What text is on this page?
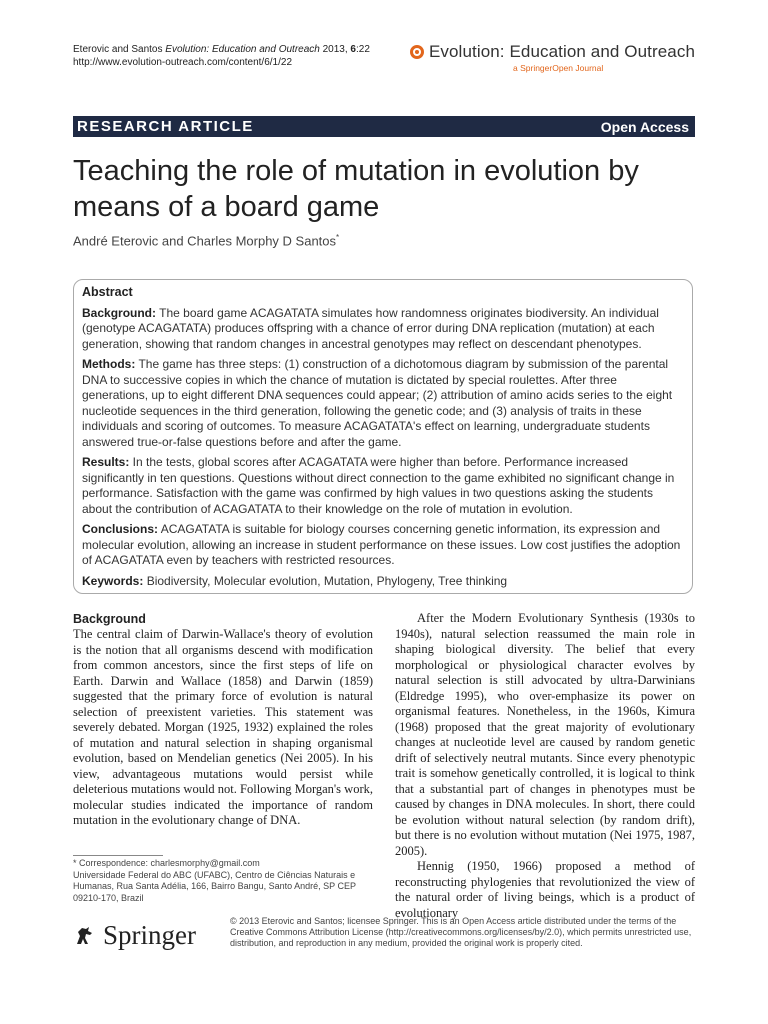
Eterovic and Santos Evolution: Education and Outreach 2013, 6:22
http://www.evolution-outreach.com/content/6/1/22
Evolution: Education and Outreach
a SpringerOpen Journal
RESEARCH ARTICLE	Open Access
Teaching the role of mutation in evolution by means of a board game
André Eterovic and Charles Morphy D Santos*
Abstract

Background: The board game ACAGATATA simulates how randomness originates biodiversity. An individual (genotype ACAGATATA) produces offspring with a chance of error during DNA replication (mutation) at each generation, showing that random changes in ancestral genotypes may reflect on descendant phenotypes.

Methods: The game has three steps: (1) construction of a dichotomous diagram by submission of the parental DNA to successive copies in which the chance of mutation is dictated by special roulettes. After three generations, up to eight different DNA sequences could appear; (2) attribution of amino acids series to the eight nucleotide sequences in the third generation, following the genetic code; and (3) analysis of traits in these individuals and scoring of outcomes. To measure ACAGATATA's effect on learning, undergraduate students answered true-or-false questions before and after the game.

Results: In the tests, global scores after ACAGATATA were higher than before. Performance increased significantly in ten questions. Questions without direct connection to the game exhibited no significant change in performance. Satisfaction with the game was confirmed by high values in two questions asking the students about the contribution of ACAGATATA to their knowledge on the role of mutation in evolution.

Conclusions: ACAGATATA is suitable for biology courses concerning genetic information, its expression and molecular evolution, allowing an increase in student performance on these issues. Low cost justifies the adoption of ACAGATATA even by teachers with restricted resources.

Keywords: Biodiversity, Molecular evolution, Mutation, Phylogeny, Tree thinking

Background

The central claim of Darwin-Wallace's theory of evolution is the notion that all organisms descend with modification from common ancestors, since the first steps of life on Earth. Darwin and Wallace (1858) and Darwin (1859) suggested that the primary force of evolution is natural selection of preexistent varieties. This statement was severely debated. Morgan (1925, 1932) explained the roles of mutation and natural selection in shaping organismal evolution, based on Mendelian genetics (Nei 2005). In his view, advantageous mutations would persist while deleterious mutations would not. Following Morgan's work, molecular studies indicated the importance of random mutation in the evolutionary change of DNA.

After the Modern Evolutionary Synthesis (1930s to 1940s), natural selection reassumed the main role in shaping biological diversity. The belief that every morphological or physiological character evolves by natural selection is still advocated by ultra-Darwinians (Eldredge 1995), who over-emphasize its power on organismal features. Nonetheless, in the 1960s, Kimura (1968) proposed that the great majority of evolutionary changes at nucleotide level are caused by random genetic drift of selectively neutral mutants. Since every phenotypic trait is somehow genetically controlled, it is logical to think that a substantial part of changes in phenotypes must be caused by changes in DNA molecules. In short, there could be evolution without natural selection (by random drift), but there is no evolution without mutation (Nei 1975, 1987, 2005).

Hennig (1950, 1966) proposed a method of reconstructing phylogenies that revolutionized the view of the natural order of living beings, which is a product of evolutionary

* Correspondence: charlesmorphy@gmail.com
Universidade Federal do ABC (UFABC), Centro de Ciências Naturais e Humanas, Rua Santa Adélia, 166, Bairro Bangu, Santo André, SP CEP 09210-170, Brazil
Springer	© 2013 Eterovic and Santos; licensee Springer. This is an Open Access article distributed under the terms of the Creative Commons Attribution License (http://creativecommons.org/licenses/by/2.0), which permits unrestricted use, distribution, and reproduction in any medium, provided the original work is properly cited.
